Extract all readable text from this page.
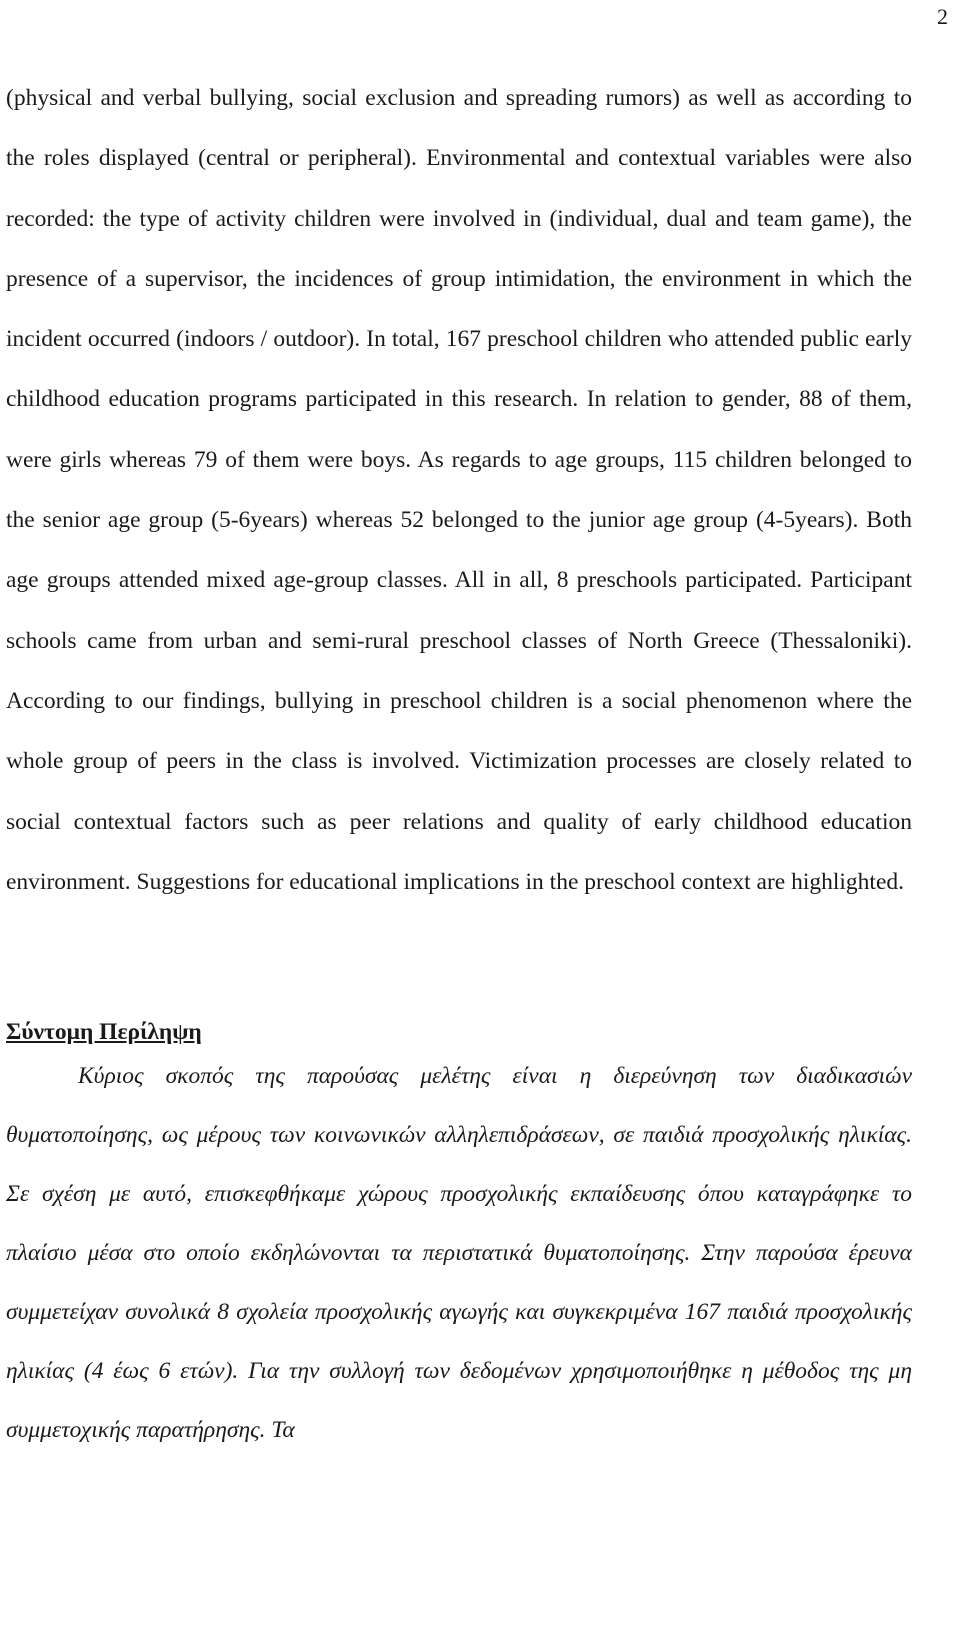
2

(physical and verbal bullying, social exclusion and spreading rumors) as well as according to the roles displayed (central or peripheral). Environmental and contextual variables were also recorded: the type of activity children were involved in (individual, dual and team game), the presence of a supervisor, the incidences of group intimidation, the environment in which the incident occurred (indoors / outdoor). In total, 167 preschool children who attended public early childhood education programs participated in this research. In relation to gender, 88 of them, were girls whereas 79 of them were boys. As regards to age groups, 115 children belonged to the senior age group (5-6years) whereas 52 belonged to the junior age group (4-5years). Both age groups attended mixed age-group classes. All in all, 8 preschools participated. Participant schools came from urban and semi-rural preschool classes of North Greece (Thessaloniki). According to our findings, bullying in preschool children is a social phenomenon where the whole group of peers in the class is involved. Victimization processes are closely related to social contextual factors such as peer relations and quality of early childhood education environment. Suggestions for educational implications in the preschool context are highlighted.

Σύντομη Περίληψη

Κύριος σκοπός της παρούσας μελέτης είναι η διερεύνηση των διαδικασιών θυματοποίησης, ως μέρους των κοινωνικών αλληλεπιδράσεων, σε παιδιά προσχολικής ηλικίας. Σε σχέση με αυτό, επισκεφθήκαμε χώρους προσχολικής εκπαίδευσης όπου καταγράφηκε το πλαίσιο μέσα στο οποίο εκδηλώνονται τα περιστατικά θυματοποίησης. Στην παρούσα έρευνα συμμετείχαν συνολικά 8 σχολεία προσχολικής αγωγής και συγκεκριμένα 167 παιδιά προσχολικής ηλικίας (4 έως 6 ετών). Για την συλλογή των δεδομένων χρησιμοποιήθηκε η μέθοδος της μη συμμετοχικής παρατήρησης. Τα
